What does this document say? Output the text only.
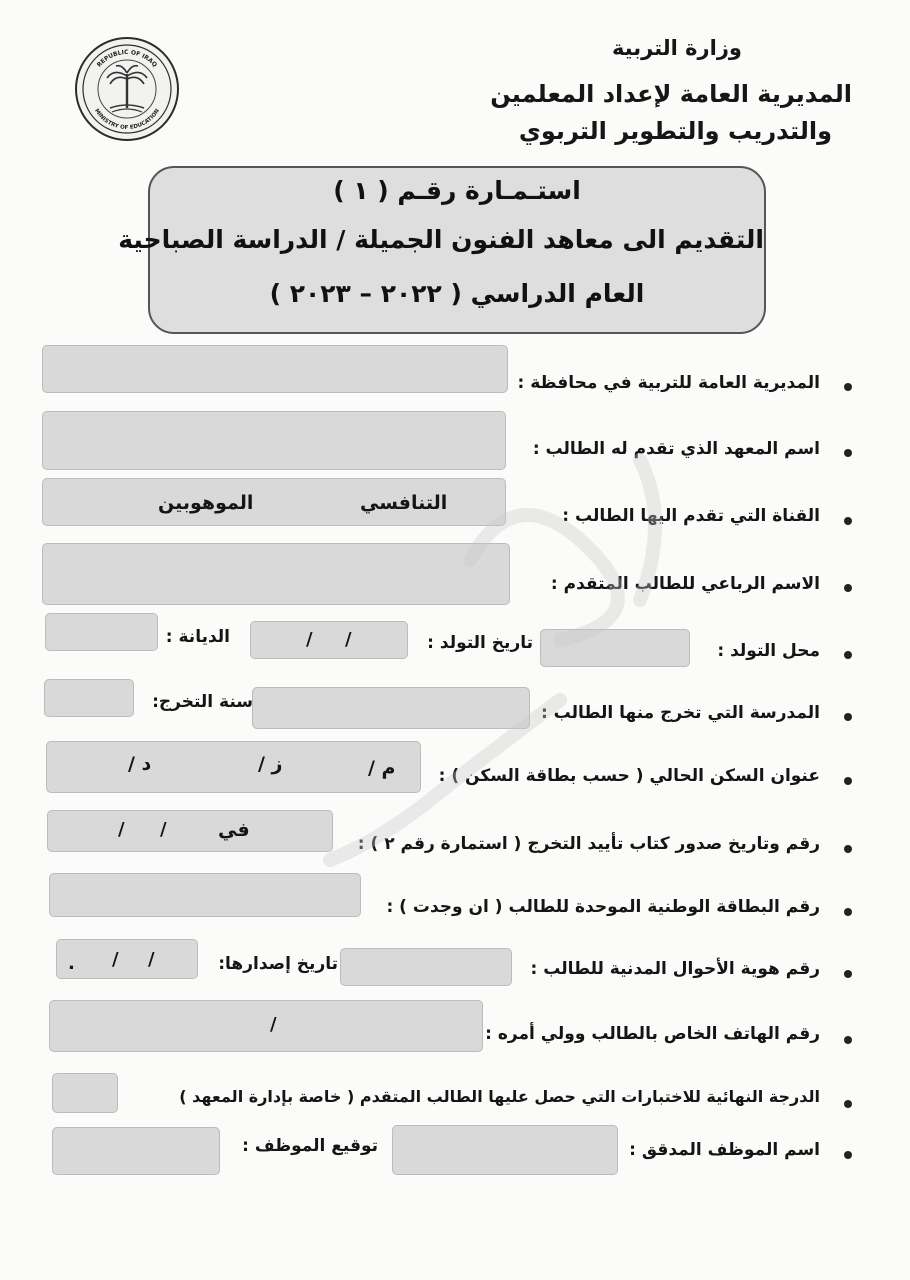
وزارة التربية
المديرية العامة لإعداد المعلمين
والتدريب والتطوير التربوي
REPUBLIC OF IRAQ
MINISTRY OF EDUCATION
استـمـارة رقـم ( ١ )
التقديم الى معاهد الفنون الجميلة / الدراسة الصباحية
العام الدراسي ( ٢٠٢٢ – ٢٠٢٣ )
المديرية العامة للتربية في محافظة :
اسم المعهد الذي تقدم له الطالب :
القناة التي تقدم اليها الطالب :
التنافسي
الموهوبين
الاسم الرباعي للطالب المتقدم :
محل التولد :
تاريخ التولد :
/ /
الديانة :
المدرسة التي تخرج منها الطالب :
سنة التخرج:
عنوان السكن الحالي ( حسب بطاقة السكن ) :
م /
ز /
د /
رقم وتاريخ صدور كتاب تأييد التخرج ( استمارة رقم ٢ ) :
في
/
/
رقم البطاقة الوطنية الموحدة للطالب ( ان وجدت ) :
رقم هوية الأحوال المدنية للطالب :
تاريخ إصدارها:
/
/
.
رقم الهاتف الخاص بالطالب وولي أمره :
/
الدرجة النهائية للاختبارات التي حصل عليها الطالب المتقدم ( خاصة بإدارة المعهد )
اسم الموظف المدقق :
توقيع الموظف :
